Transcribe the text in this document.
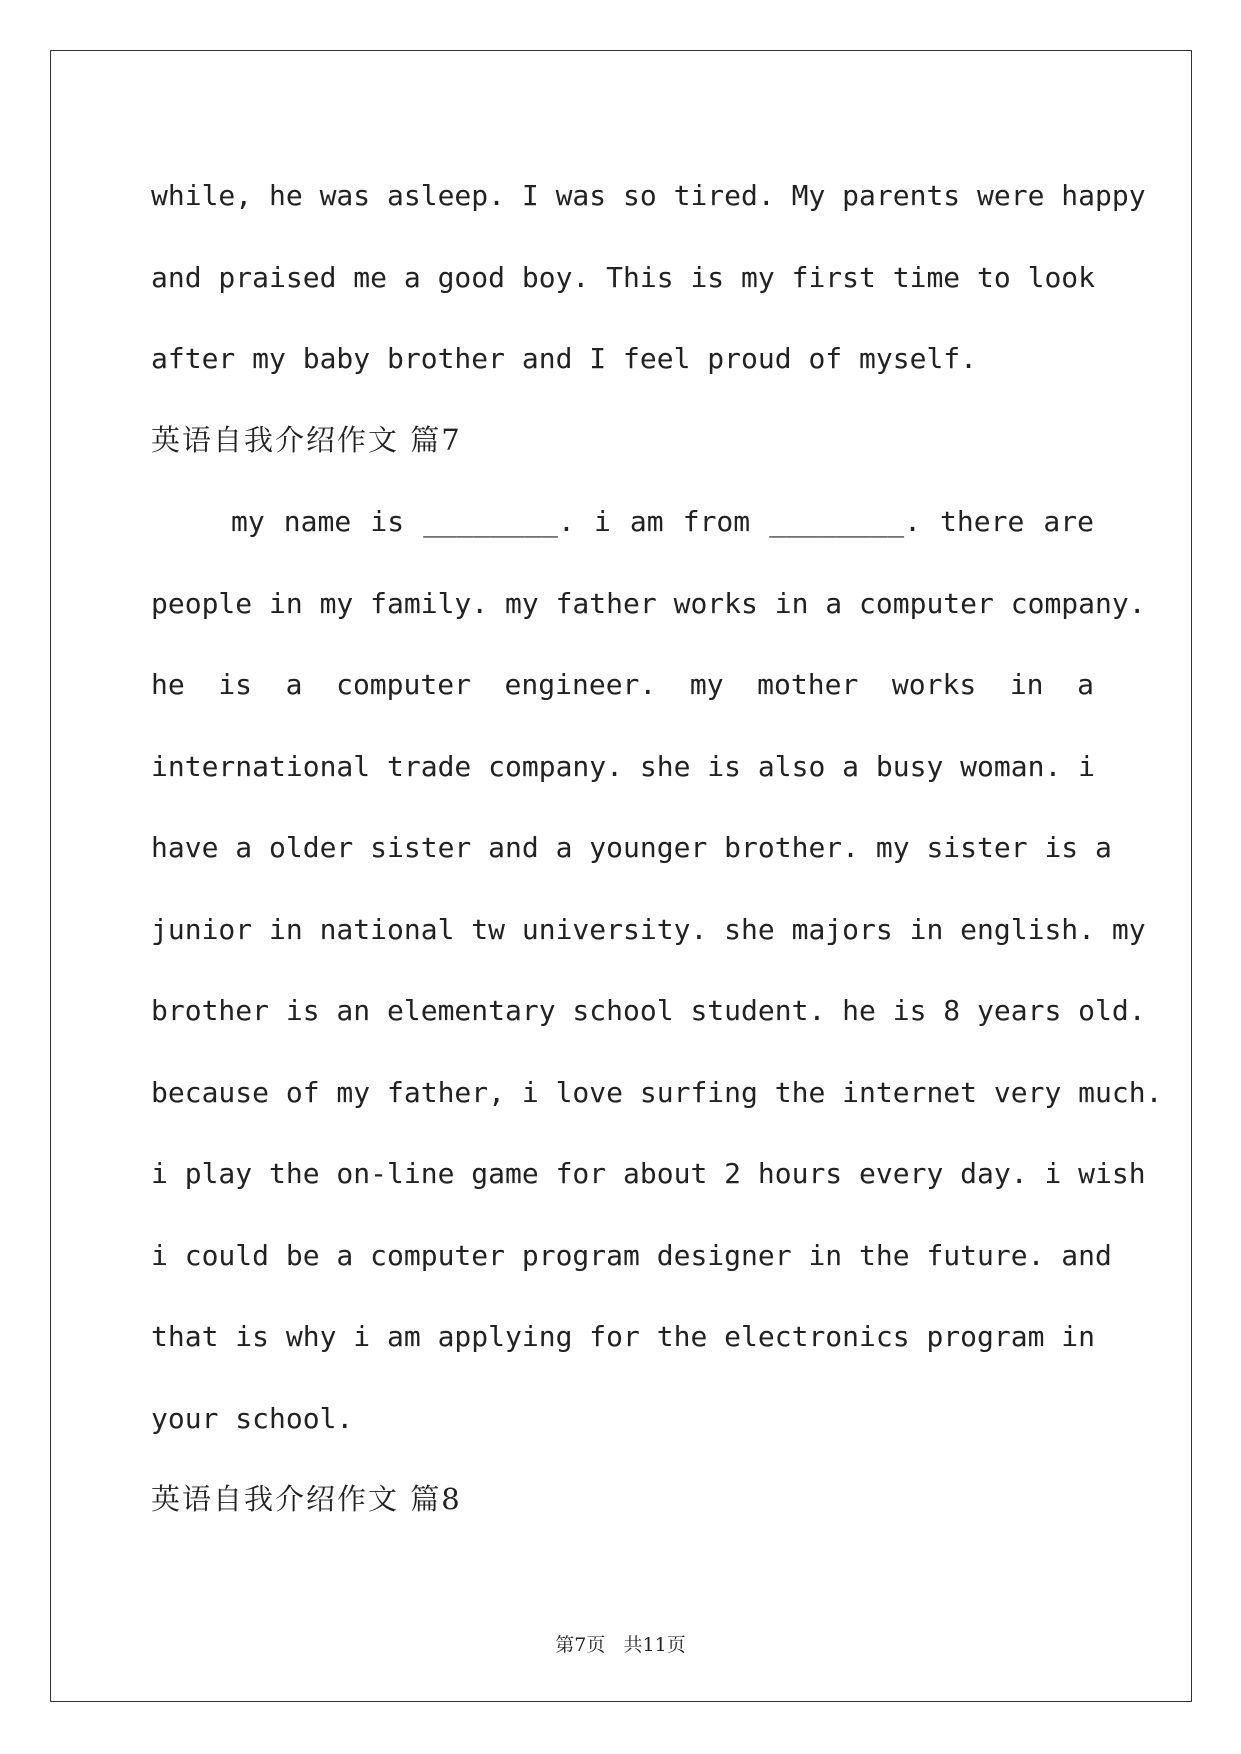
while, he was asleep. I was so tired. My parents were happy
and praised me a good boy. This is my first time to look
after my baby brother and I feel proud of myself.
英语自我介绍作文 篇7
my name is ________. i am from ________. there are
people in my family. my father works in a computer company.
he is a computer engineer. my mother works in a
international trade company. she is also a busy woman. i
have a older sister and a younger brother. my sister is a
junior in national tw university. she majors in english. my
brother is an elementary school student. he is 8 years old.
because of my father, i love surfing the internet very much.
i play the on-line game for about 2 hours every day. i wish
i could be a computer program designer in the future. and
that is why i am applying for the electronics program in
your school.
英语自我介绍作文 篇8
第7页 共11页
